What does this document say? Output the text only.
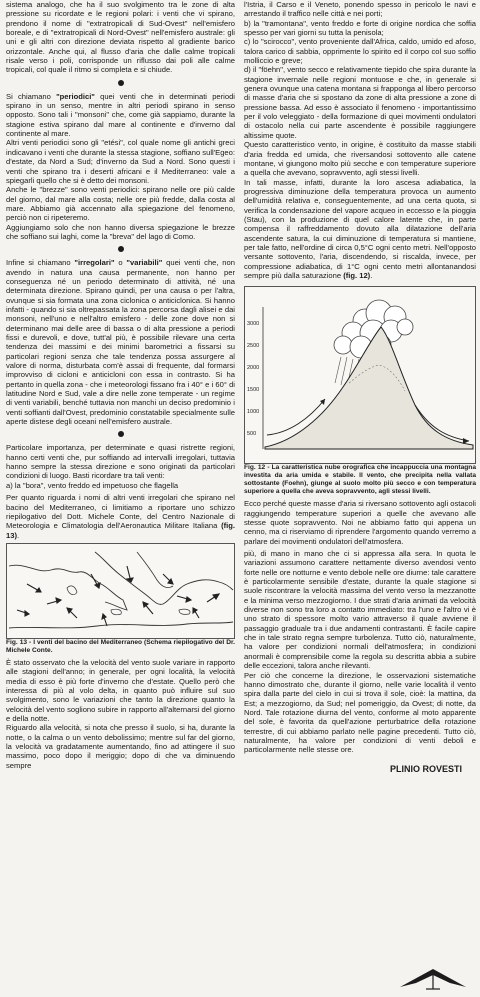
sistema analogo, che ha il suo svolgimento tra le zone di alta pressione su ricordate e le regioni polari: i venti che vi spirano, prendono il nome di "extratropicali di Sud-Ovest" nell'emisfero boreale, e di "extratropicali di Nord-Ovest" nell'emisfero australe: gli uni e gli altri con direzione deviata rispetto al gradiente barico orizzontale. Anche qui, al flusso d'aria che dalle calme tropicali risale verso i poli, corrisponde un riflusso dai poli alle calme tropicali, col quale il ritmo si completa e si chiude.

Si chiamano "periodici" quei venti che in determinati periodi spirano in un senso, mentre in altri periodi spirano in senso opposto. Sono tali i "monsoni" che, come già sappiamo, durante la stagione estiva spirano dal mare al continente e d'inverno dal continente al mare.

Altri venti periodici sono gli "etési", col quale nome gli antichi greci indicavano i venti che durante la stessa stagione, soffiano sull'Egeo: d'estate, da Nord a Sud; d'inverno da Sud a Nord. Sono questi i venti che spirano tra i deserti africani e il Mediterraneo: vale a spiegarli quello che si è detto dei monsoni.

Anche le "brezze" sono venti periodici: spirano nelle ore più calde del giorno, dal mare alla costa; nelle ore più fredde, dalla costa al mare. Abbiamo già accennato alla spiegazione del fenomeno, perciò non ci ripeteremo.

Aggiungiamo solo che non hanno diversa spiegazione le brezze che soffiano sui laghi, come la "breva" del lago di Como.

Infine si chiamano "irregolari" o "variabili" quei venti che, non avendo in natura una causa permanente, non hanno per conseguenza né un periodo determinato di attività, né una determinata direzione. Spirano quindi, per una causa o per l'altra, ovunque si sia formata una zona ciclonica o anticiclonica. Si hanno infatti - quando si sia oltrepassata la zona percorsa dagli alisei e dai monsoni, nell'uno e nell'altro emisfero - delle zone dove non si determinano mai delle aree di bassa o di alta pressione a periodi fissi e durevoli, e dove, tutt'al più, è possibile rilevare una certa tendenza dei massimi e dei minimi barometrici a fissarsi su particolari regioni senza che tale tendenza possa assurgere al valore di norma, disturbata com'è assai di frequente, dal formarsi improvviso di cicloni e anticicloni con essa in contrasto. Si ha pertanto in quella zona - che i meteorologi fissano fra i 40° e i 60° di latitudine Nord e Sud, vale a dire nelle zone temperate - un regime di venti variabili, benché tuttavia non manchi un deciso predominio i venti soffianti dall'Ovest, predominio constatabile specialmente sulle aperte distese degli oceani nell'emisfero australe.

Particolare importanza, per determinate e quasi ristrette regioni, hanno certi venti che, pur soffiando ad intervalli irregolari, tuttavia hanno sempre la stessa direzione e sono originati da particolari condizioni di luogo. Basti ricordare tra tali venti:

a) la "bora", vento freddo ed impetuoso che flagella

Per quanto riguarda i nomi di altri venti irregolari che spirano nel bacino del Mediterraneo, ci limitiamo a riportare uno schizzo riepilogativo del Dott. Michele Conte, del Centro Nazionale di Meteorologia e Climatologia dell'Aeronautica Militare Italiana (fig. 13).

Fig. 13 - I venti del bacino del Mediterraneo (Schema riepilogativo del Dr. Michele Conte.

È stato osservato che la velocità del vento suole variare in rapporto alle stagioni dell'anno; in generale, per ogni località, la velocità media di esso è più forte d'inverno che d'estate. Quello però che interessa di più al volo delta, in quanto può influire sul suo svolgimento, sono le variazioni che tanto la direzione quanto la velocità del vento sogliono subire in rapporto all'alternarsi del giorno e della notte.

Riguardo alla velocità, si nota che presso il suolo, si ha, durante la notte, o la calma o un vento debolissimo; mentre sul far del giorno, la velocità va gradatamente aumentando, fino ad attingere il suo massimo, poco dopo il meriggio; dopo di che va diminuendo sempre

l'Istria, il Carso e il Veneto, ponendo spesso in pericolo le navi e arrestando il traffico nelle città e nei porti;

b) la "tramontana", vento freddo e forte di origine nordica che soffia spesso per vari giorni su tutta la penisola;

c) lo "scirocco", vento proveniente dall'Africa, caldo, umido ed afoso, talora carico di sabbia, opprimente lo spirito ed il corpo col suo soffio molliccio e greve;

d) il "föehn", vento secco e relativamente tiepido che spira durante la stagione invernale nelle regioni montuose e che, in generale si genera ovunque una catena montana si frapponga al libero percorso di masse d'aria che si spostano da zone di alta pressione a zone di pressione bassa. Ad esso è associato il fenomeno - importantissimo per il volo veleggiato - della formazione di quei movimenti ondulatori di ostacolo nella cui parte ascendente è possibile raggiungere altissime quote.

Questo caratteristico vento, in origine, è costituito da masse stabili d'aria fredda ed umida, che riversandosi sottovento alle catene montane, vi giungono molto più secche e con temperature superiore a quella che avevano, sopravvento, agli stessi livelli.

In tali masse, infatti, durante la loro ascesa adiabatica, la progressiva diminuzione della temperatura provoca un aumento dell'umidità relativa e, conseguentemente, ad una certa quota, si verifica la condensazione del vapore acqueo in eccesso e la pioggia (Stau), con la produzione di quel calore latente che, in parte compensa il raffreddamento dovuto alla dilatazione dell'aria ascendente satura, la cui diminuzione di temperatura si mantiene, per tale fatto, nell'ordine di circa 0,5°C ogni cento metri. Nell'opposto versante sottovento, l'aria, discendendo, si riscalda, invece, per compressione adiabatica, di 1°C ogni cento metri allontanandosi sempre più dalla saturazione (fig. 12).

3000
2500
2000
1500
1000
500

Fig. 12 - La caratteristica nube orografica che incappuccia una montagna investita da aria umida e stabile. Il vento, che precipita nella vallata sottostante (Foehn), giunge al suolo molto più secco e con temperatura superiore a quella che aveva sopravvento, agli stessi livelli.

Ecco perché queste masse d'aria si riversano sottovento agli ostacoli raggiungendo temperature superiori a quelle che avevano alle stesse quote sopravvento. Noi ne abbiamo fatto qui appena un cenno, ma ci riserviamo di riprendere l'argomento quando verremo a parlare dei movimenti ondulatori dell'atmosfera.

più, di mano in mano che ci si appressa alla sera. In quota le variazioni assumono carattere nettamente diverso avendosi vento forte nelle ore notturne e vento debole nelle ore diurne: tale carattere è particolarmente sensibile d'estate, durante la quale stagione si suole riscontrare la velocità massima del vento verso la mezzanotte e la minima verso mezzogiorno. I due strati d'aria animati da velocità diverse non sono tra loro a contatto immediato: tra l'uno e l'altro vi è uno strato di spessore molto vario attraverso il quale avviene il passaggio graduale tra i due andamenti contrastanti. È facile capire che in tale strato regna sempre turbolenza. Tutto ciò, naturalmente, ha valore per condizioni normali dell'atmosfera; in condizioni anormali è comprensibile come la regola su descritta abbia a subire delle eccezioni, talora anche rilevanti.

Per ciò che concerne la direzione, le osservazioni sistematiche hanno dimostrato che, durante il giorno, nelle varie località il vento spira dalla parte del cielo in cui si trova il sole, cioè: la mattina, da Est; a mezzogiorno, da Sud; nel pomeriggio, da Ovest; di notte, da Nord. Tale rotazione diurna del vento, conforme al moto apparente del sole, è favorita da quell'azione perturbatrice della rotazione terrestre, di cui abbiamo parlato nelle pagine precedenti. Tutto ciò, naturalmente, ha valore per condizioni di venti deboli e particolarmente nelle stesse ore.

PLINIO ROVESTI
